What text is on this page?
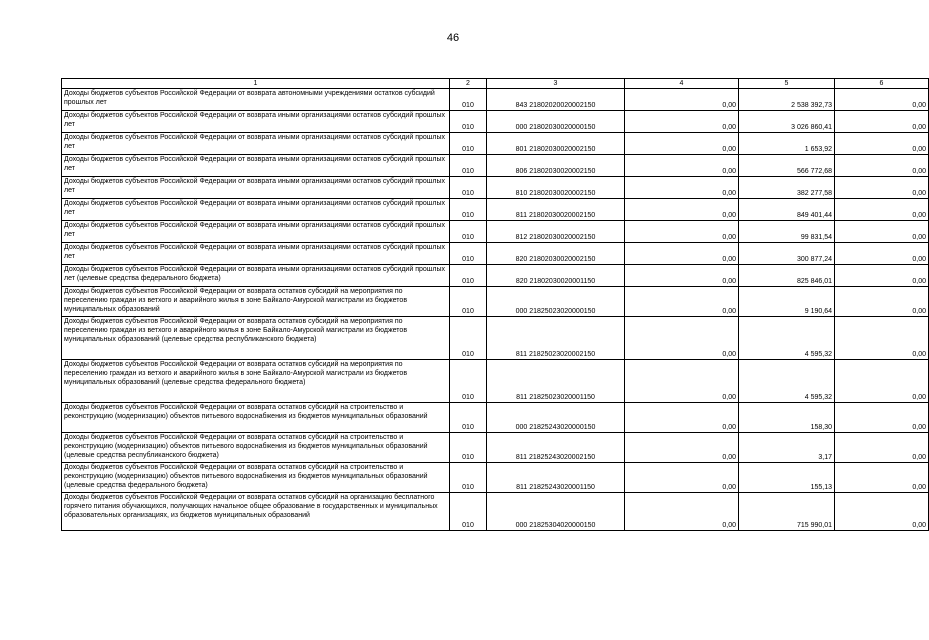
46
1	2	3	4	5	6
Доходы бюджетов субъектов Российской Федерации от возврата автономными учреждениями остатков субсидий прошлых лет	010	843 21802020020002150	0,00	2 538 392,73	0,00
Доходы бюджетов субъектов Российской Федерации от возврата иными организациями остатков субсидий прошлых лет	010	000 21802030020000150	0,00	3 026 860,41	0,00
Доходы бюджетов субъектов Российской Федерации от возврата иными организациями остатков субсидий прошлых лет	010	801 21802030020002150	0,00	1 653,92	0,00
Доходы бюджетов субъектов Российской Федерации от возврата иными организациями остатков субсидий прошлых лет	010	806 21802030020002150	0,00	566 772,68	0,00
Доходы бюджетов субъектов Российской Федерации от возврата иными организациями остатков субсидий прошлых лет	010	810 21802030020002150	0,00	382 277,58	0,00
Доходы бюджетов субъектов Российской Федерации от возврата иными организациями остатков субсидий прошлых лет	010	811 21802030020002150	0,00	849 401,44	0,00
Доходы бюджетов субъектов Российской Федерации от возврата иными организациями остатков субсидий прошлых лет	010	812 21802030020002150	0,00	99 831,54	0,00
Доходы бюджетов субъектов Российской Федерации от возврата иными организациями остатков субсидий прошлых лет	010	820 21802030020002150	0,00	300 877,24	0,00
Доходы бюджетов субъектов Российской Федерации от возврата иными организациями остатков субсидий прошлых лет (целевые средства федерального бюджета)	010	820 21802030020001150	0,00	825 846,01	0,00
Доходы бюджетов субъектов Российской Федерации от возврата остатков субсидий на мероприятия по переселению граждан из ветхого и аварийного жилья в зоне Байкало-Амурской магистрали из бюджетов муниципальных образований	010	000 21825023020000150	0,00	9 190,64	0,00
Доходы бюджетов субъектов Российской Федерации от возврата остатков субсидий на мероприятия по переселению граждан из ветхого и аварийного жилья в зоне Байкало-Амурской магистрали из бюджетов муниципальных образований (целевые средства республиканского бюджета)	010	811 21825023020002150	0,00	4 595,32	0,00
Доходы бюджетов субъектов Российской Федерации от возврата остатков субсидий на мероприятия по переселению граждан из ветхого и аварийного жилья в зоне Байкало-Амурской магистрали из бюджетов муниципальных образований (целевые средства федерального бюджета)	010	811 21825023020001150	0,00	4 595,32	0,00
Доходы бюджетов субъектов Российской Федерации от возврата остатков субсидий на строительство и реконструкцию (модернизацию) объектов питьевого водоснабжения из бюджетов муниципальных образований	010	000 21825243020000150	0,00	158,30	0,00
Доходы бюджетов субъектов Российской Федерации от возврата остатков субсидий на строительство и реконструкцию (модернизацию) объектов питьевого водоснабжения из бюджетов муниципальных образований (целевые средства республиканского бюджета)	010	811 21825243020002150	0,00	3,17	0,00
Доходы бюджетов субъектов Российской Федерации от возврата остатков субсидий на строительство и реконструкцию (модернизацию) объектов питьевого водоснабжения из бюджетов муниципальных образований (целевые средства федерального бюджета)	010	811 21825243020001150	0,00	155,13	0,00
Доходы бюджетов субъектов Российской Федерации от возврата остатков субсидий на организацию бесплатного горячего питания обучающихся, получающих начальное общее образование в государственных и муниципальных образовательных организациях, из бюджетов муниципальных образований	010	000 21825304020000150	0,00	715 990,01	0,00
